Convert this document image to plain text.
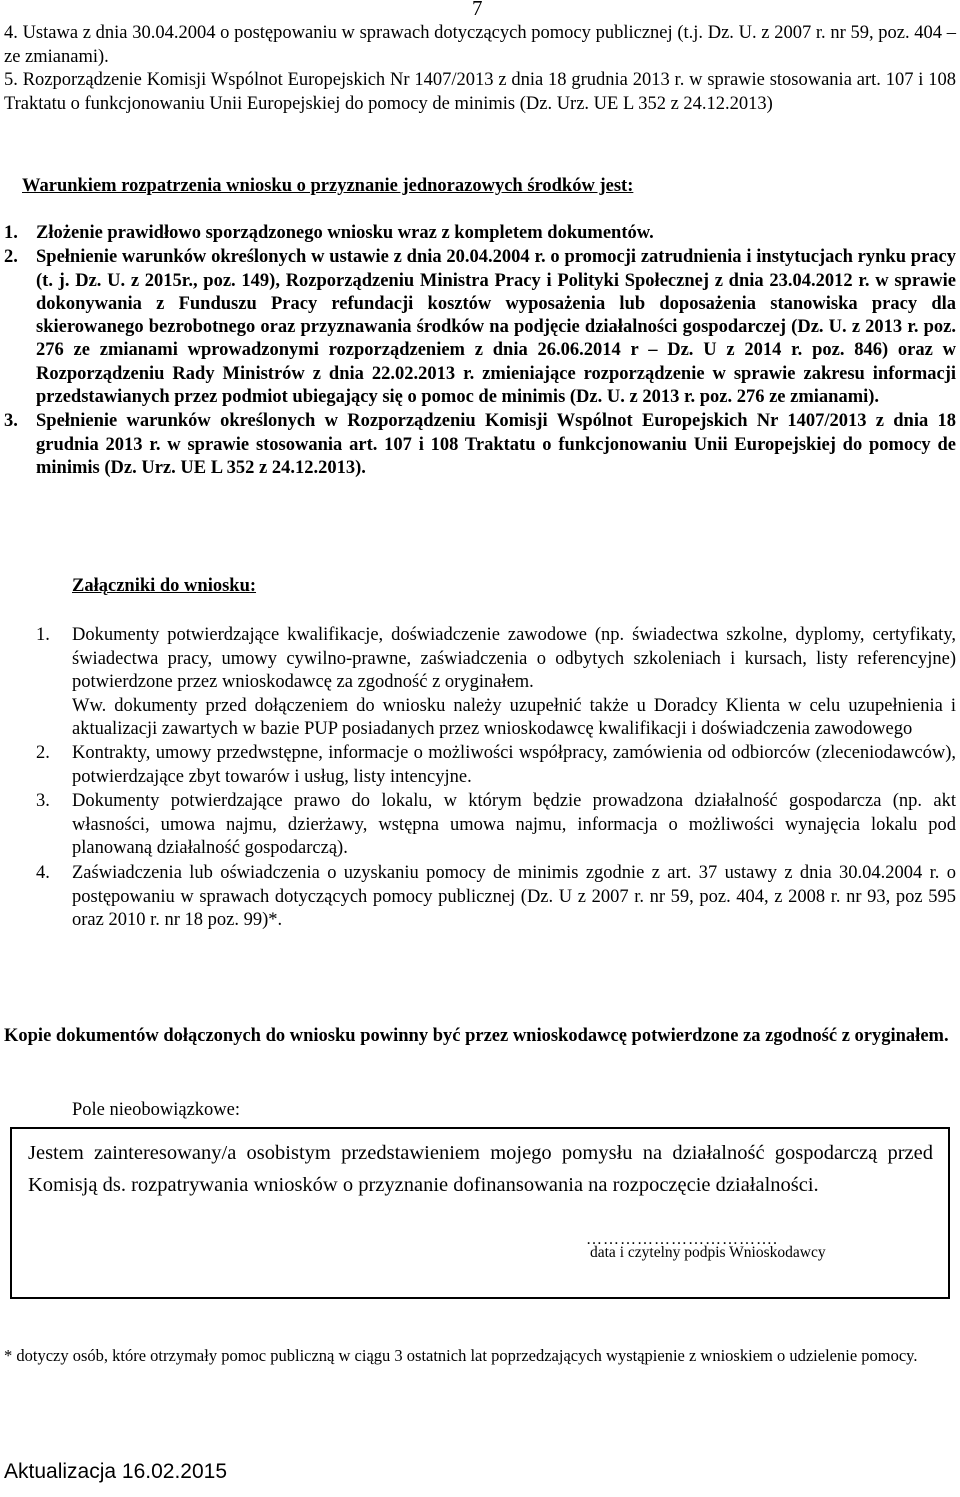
7

4. Ustawa z dnia 30.04.2004 o postępowaniu w sprawach dotyczących pomocy publicznej (t.j. Dz. U. z 2007 r. nr 59, poz. 404 – ze zmianami).

5. Rozporządzenie Komisji Wspólnot Europejskich Nr 1407/2013 z dnia 18 grudnia 2013 r. w sprawie stosowania art. 107 i 108 Traktatu o funkcjonowaniu Unii Europejskiej do pomocy de minimis (Dz. Urz. UE L 352 z 24.12.2013)

Warunkiem rozpatrzenia wniosku o przyznanie jednorazowych środków jest:
1. Złożenie prawidłowo sporządzonego wniosku wraz z kompletem dokumentów.
2. Spełnienie warunków określonych w ustawie z dnia 20.04.2004 r. o promocji zatrudnienia i instytucjach rynku pracy (t. j. Dz. U. z 2015r., poz. 149), Rozporządzeniu Ministra Pracy i Polityki Społecznej z dnia 23.04.2012 r. w sprawie dokonywania z Funduszu Pracy refundacji kosztów wyposażenia lub doposażenia stanowiska pracy dla skierowanego bezrobotnego oraz przyznawania środków na podjęcie działalności gospodarczej (Dz. U. z 2013 r. poz. 276 ze zmianami wprowadzonymi rozporządzeniem z dnia 26.06.2014 r – Dz. U z 2014 r. poz. 846) oraz w Rozporządzeniu Rady Ministrów z dnia 22.02.2013 r. zmieniające rozporządzenie w sprawie zakresu informacji przedstawianych przez podmiot ubiegający się o pomoc de minimis (Dz. U. z 2013 r. poz. 276 ze zmianami).
3. Spełnienie warunków określonych w Rozporządzeniu Komisji Wspólnot Europejskich Nr 1407/2013 z dnia 18 grudnia 2013 r. w sprawie stosowania art. 107 i 108 Traktatu o funkcjonowaniu Unii Europejskiej do pomocy de minimis (Dz. Urz. UE L 352 z 24.12.2013).
Załączniki do wniosku:
1. Dokumenty potwierdzające kwalifikacje, doświadczenie zawodowe (np. świadectwa szkolne, dyplomy, certyfikaty, świadectwa pracy, umowy cywilno-prawne, zaświadczenia o odbytych szkoleniach i kursach, listy referencyjne) potwierdzone przez wnioskodawcę za zgodność z oryginałem.
Ww. dokumenty przed dołączeniem do wniosku należy uzupełnić także u Doradcy Klienta w celu uzupełnienia i aktualizacji zawartych w bazie PUP posiadanych przez wnioskodawcę kwalifikacji i doświadczenia zawodowego
2. Kontrakty, umowy przedwstępne, informacje o możliwości współpracy, zamówienia od odbiorców (zleceniodawców), potwierdzające zbyt towarów i usług, listy intencyjne.
3. Dokumenty potwierdzające prawo do lokalu, w którym będzie prowadzona działalność gospodarcza (np. akt własności, umowa najmu, dzierżawy, wstępna umowa najmu, informacja o możliwości wynajęcia lokalu pod planowaną działalność gospodarczą).
4. Zaświadczenia lub oświadczenia o uzyskaniu pomocy de minimis zgodnie z art. 37 ustawy z dnia 30.04.2004 r. o postępowaniu w sprawach dotyczących pomocy publicznej (Dz. U z 2007 r. nr 59, poz. 404, z 2008 r. nr 93, poz 595 oraz 2010 r. nr 18 poz. 99)*.
Kopie dokumentów dołączonych do wniosku powinny być przez wnioskodawcę potwierdzone za zgodność z oryginałem.
Pole nieobowiązkowe:
Jestem zainteresowany/a osobistym przedstawieniem mojego pomysłu na działalność gospodarczą przed Komisją ds. rozpatrywania wniosków o przyznanie dofinansowania na rozpoczęcie działalności.
…………………………….
data i czytelny podpis Wnioskodawcy
* dotyczy osób, które otrzymały pomoc publiczną w ciągu 3 ostatnich lat poprzedzających wystąpienie z wnioskiem o udzielenie pomocy.
Aktualizacja 16.02.2015
